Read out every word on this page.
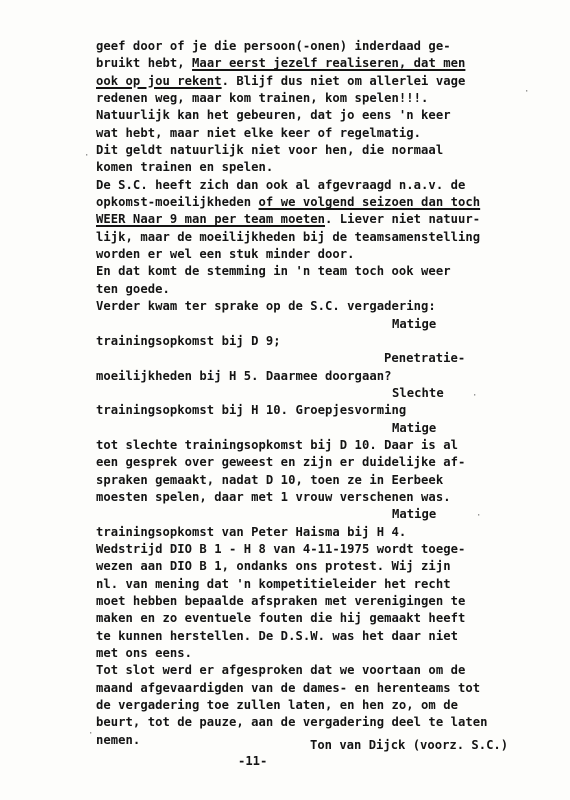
geef door of je die persoon(-onen) inderdaad ge-
bruikt hebt, Maar eerst jezelf realiseren, dat men
ook op jou rekent. Blijf dus niet om allerlei vage
redenen weg, maar kom trainen, kom spelen!!!.
Natuurlijk kan het gebeuren, dat jo eens 'n keer
wat hebt, maar niet elke keer of regelmatig.
Dit geldt natuurlijk niet voor hen, die normaal
komen trainen en spelen.
De S.C. heeft zich dan ook al afgevraagd n.a.v. de
opkomst-moeilijkheden of we volgend seizoen dan toch
WEER Naar 9 man per team moeten. Liever niet natuur-
lijk, maar de moeilijkheden bij de teamsamenstelling
worden er wel een stuk minder door.
En dat komt de stemming in 'n team toch ook weer
ten goede.
Verder kwam ter sprake op de S.C. vergadering:
Matige
trainingsopkomst bij D 9;
Penetratie-
moeilijkheden bij H 5. Daarmee doorgaan?
Slechte
trainingsopkomst bij H 10. Groepjesvorming
Matige
tot slechte trainingsopkomst bij D 10. Daar is al
een gesprek over geweest en zijn er duidelijke af-
spraken gemaakt, nadat D 10, toen ze in Eerbeek
moesten spelen, daar met 1 vrouw verschenen was.
Matige
trainingsopkomst van Peter Haisma bij H 4.
Wedstrijd DIO B 1 - H 8 van 4-11-1975 wordt toege-
wezen aan DIO B 1, ondanks ons protest. Wij zijn
nl. van mening dat 'n kompetitieleider het recht
moet hebben bepaalde afspraken met verenigingen te
maken en zo eventuele fouten die hij gemaakt heeft
te kunnen herstellen. De D.S.W. was het daar niet
met ons eens.
Tot slot werd er afgesproken dat we voortaan om de
maand afgevaardigden van de dames- en herenteams tot
de vergadering toe zullen laten, en hen zo, om de
beurt, tot de pauze, aan de vergadering deel te laten
nemen.	Ton van Dijck (voorz. S.C.)
-11-
·
·
·
·
·
